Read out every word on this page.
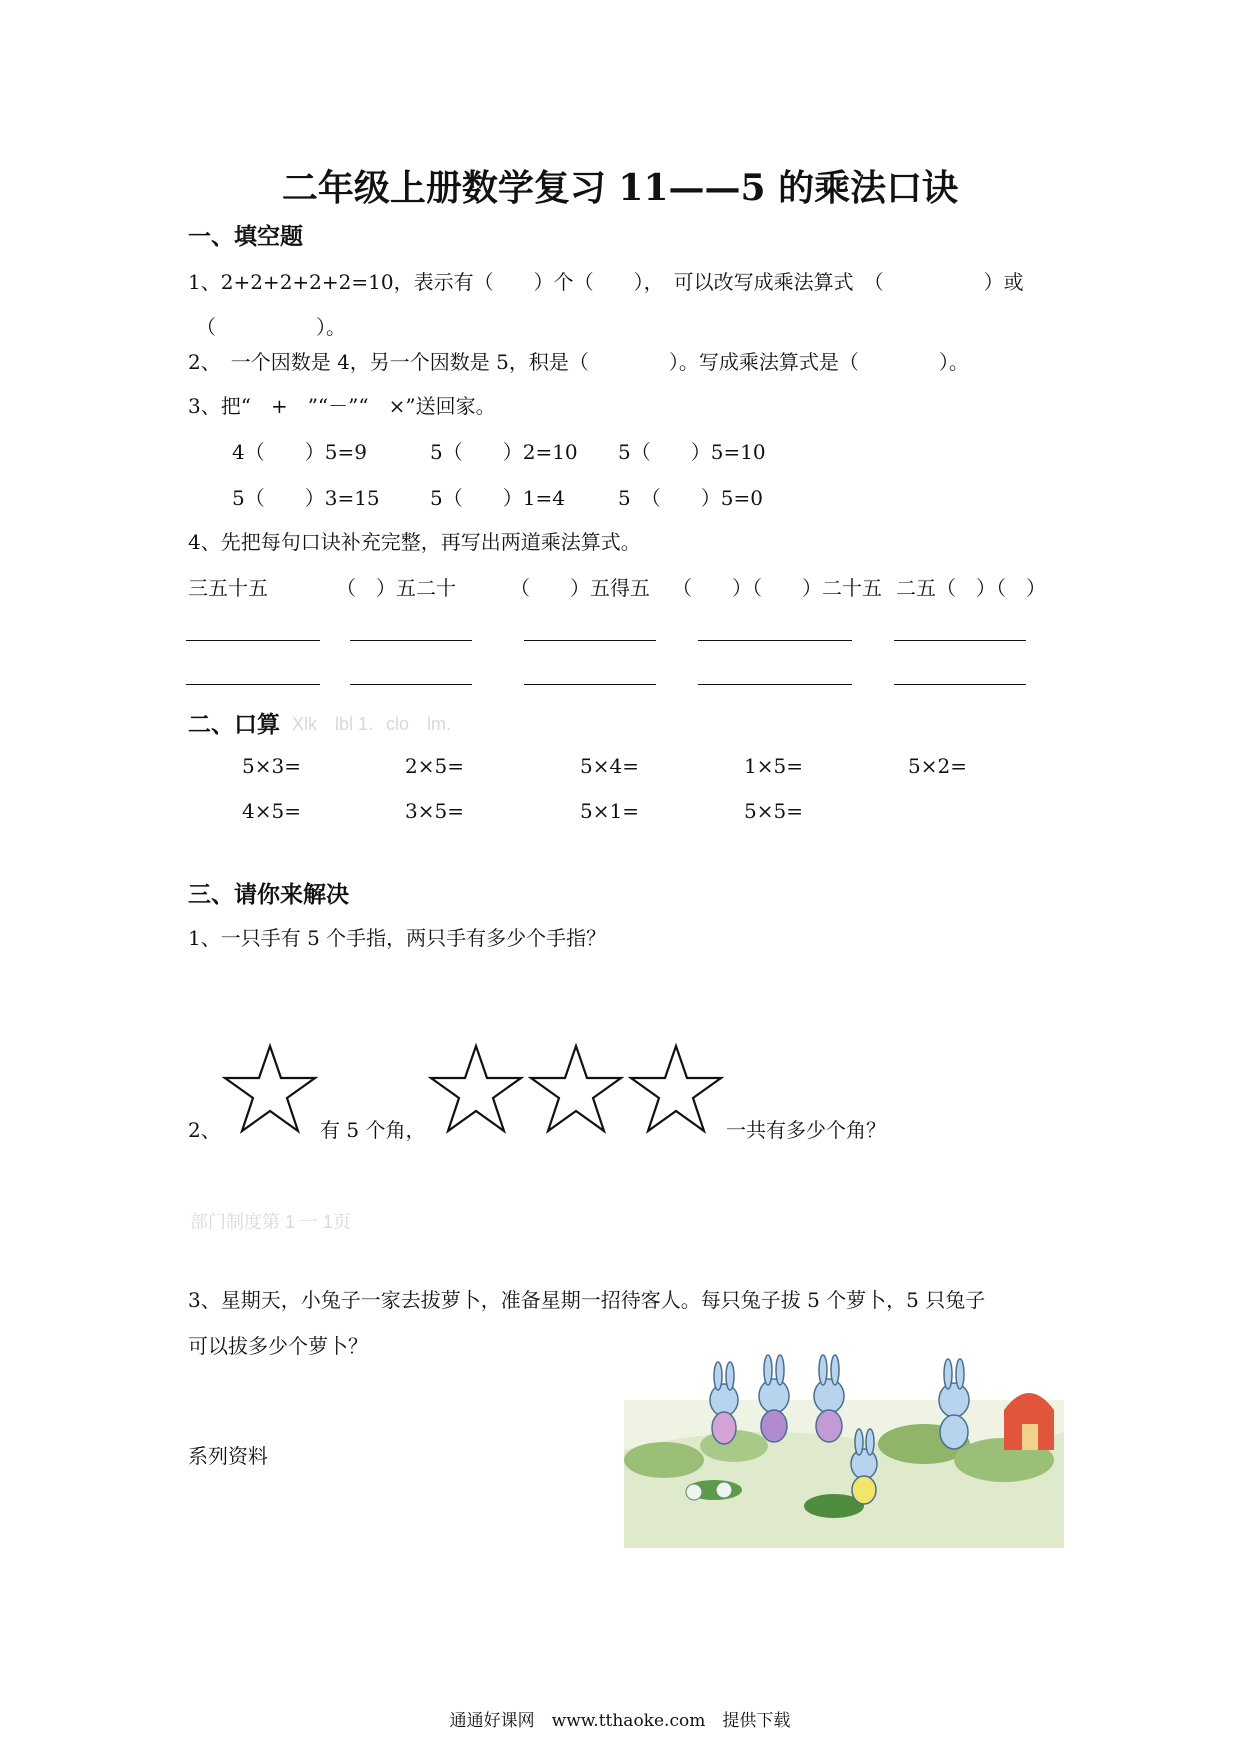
二年级上册数学复习 11——5 的乘法口诀
一、填空题
1、2+2+2+2+2=10，表示有（　　）个（　　），　可以改写成乘法算式　（　　　　　）或
（　　　　　）。
2、　一个因数是 4，另一个因数是 5，积是（　　　　）。写成乘法算式是（　　　　）。
3、把“　+　”“－”“　×”送回家。
4（　　）5=9	5（　　）2=10 5（　　）5=10
5（　　）3=15	5（　　）1=4	5　（　　）5=0
4、先把每句口诀补充完整，再写出两道乘法算式。
三五十五	（　）五二十	（　　）五得五 （　　）（　　）二十五 二五（　）（　）
二、口算 Xlk　lbl 1．clo　lm.
5×3=	2×5=	5×4=	1×5=	5×2=
4×5=	3×5=	5×1=	5×5=
三、请你来解决
1、一只手有 5 个手指，两只手有多少个手指？
2、	有 5 个角，	一共有多少个角？
部门制度第 1 一 1页
3、星期天，小兔子一家去拔萝卜，准备星期一招待客人。每只兔子拔 5 个萝卜，5 只兔子
可以拔多少个萝卜？
系列资料
通通好课网　www.tthaoke.com　提供下载
